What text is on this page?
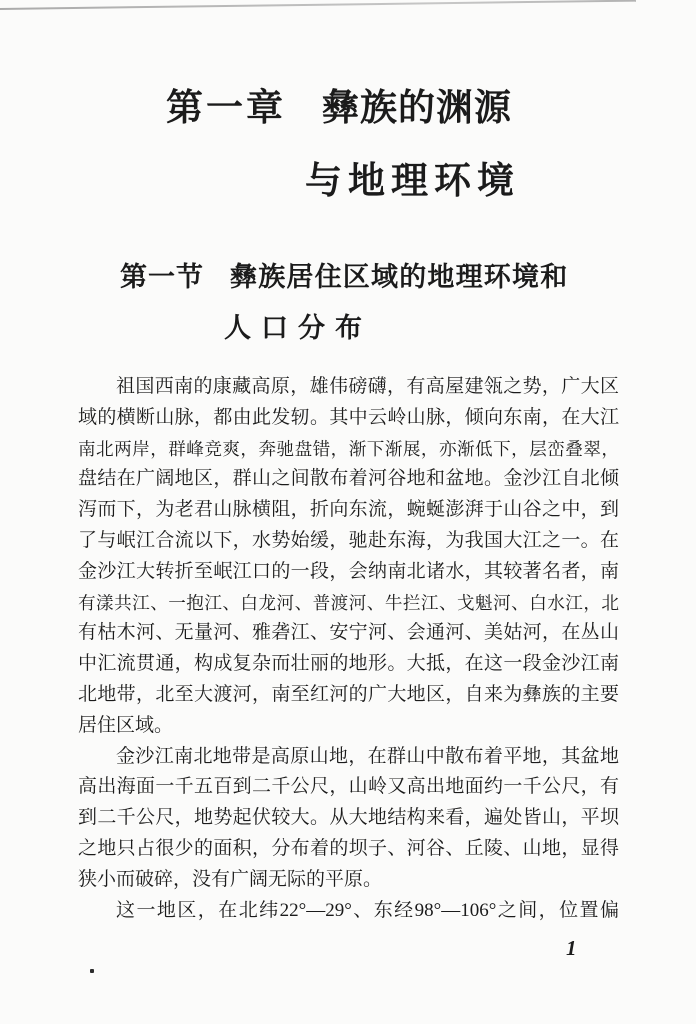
第一章 彝族的渊源
与地理环境
第一节 彝族居住区域的地理环境和
人口分布
祖国西南的康藏高原，雄伟磅礴，有高屋建瓴之势，广大区
域的横断山脉，都由此发轫。其中云岭山脉，倾向东南，在大江
南北两岸，群峰竞爽，奔驰盘错，渐下渐展，亦渐低下，层峦叠翠，
盘结在广阔地区，群山之间散布着河谷地和盆地。金沙江自北倾
泻而下，为老君山脉横阻，折向东流，蜿蜒澎湃于山谷之中，到
了与岷江合流以下，水势始缓，驰赴东海，为我国大江之一。在
金沙江大转折至岷江口的一段，会纳南北诸水，其较著名者，南
有漾共江、一抱江、白龙河、普渡河、牛拦江、戈魁河、白水江，北
有枯木河、无量河、雅砻江、安宁河、会通河、美姑河，在丛山
中汇流贯通，构成复杂而壮丽的地形。大抵，在这一段金沙江南
北地带，北至大渡河，南至红河的广大地区，自来为彝族的主要
居住区域。
金沙江南北地带是高原山地，在群山中散布着平地，其盆地
高出海面一千五百到二千公尺，山岭又高出地面约一千公尺，有
到二千公尺，地势起伏较大。从大地结构来看，遍处皆山，平坝
之地只占很少的面积，分布着的坝子、河谷、丘陵、山地，显得
狭小而破碎，没有广阔无际的平原。
这一地区，在北纬22°—29°、东经98°—106°之间，位置偏
1
